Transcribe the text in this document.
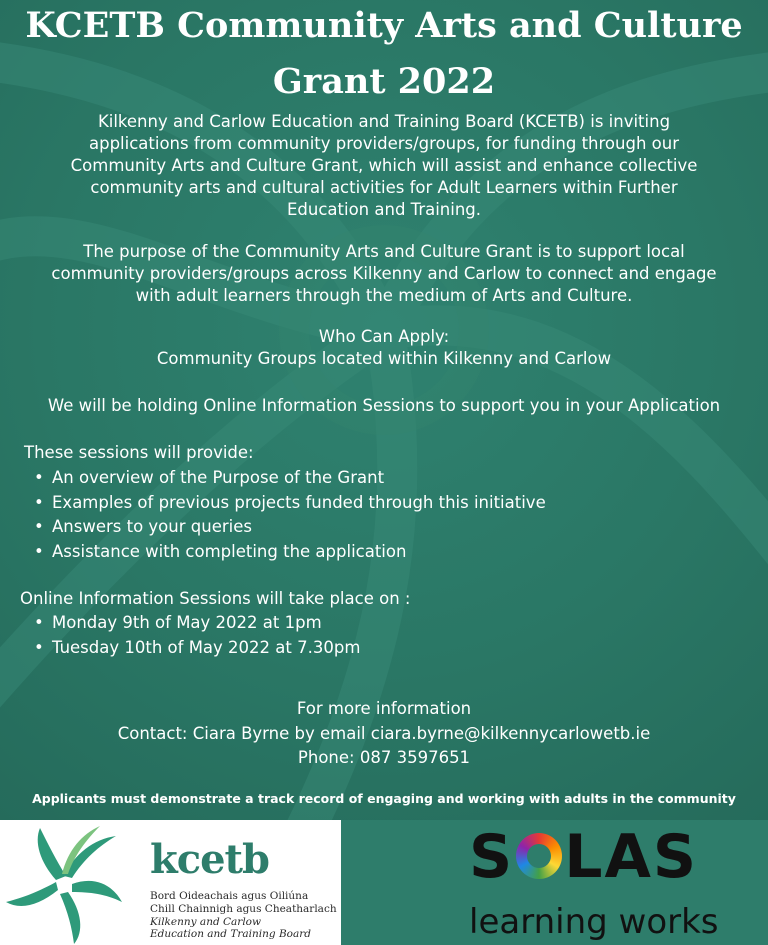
KCETB Community Arts and Culture
Grant 2022
Kilkenny and Carlow Education and Training Board (KCETB) is inviting
applications from community providers/groups, for funding through our
Community Arts and Culture Grant, which will assist and enhance collective
community arts and cultural activities for Adult Learners within Further
Education and Training.
The purpose of the Community Arts and Culture Grant is to support local
community providers/groups across Kilkenny and Carlow to connect and engage
with adult learners through the medium of Arts and Culture.
Who Can Apply:
Community Groups located within Kilkenny and Carlow
We will be holding Online Information Sessions to support you in your Application
These sessions will provide:
• An overview of the Purpose of the Grant
• Examples of previous projects funded through this initiative
• Answers to your queries
• Assistance with completing the application
Online Information Sessions will take place on :
• Monday 9th of May 2022 at 1pm
• Tuesday 10th of May 2022 at 7.30pm
For more information
Contact: Ciara Byrne by email ciara.byrne@kilkennycarlowetb.ie
Phone: 087 3597651
Applicants must demonstrate a track record of engaging and working with adults in the community
kcetb
Bord Oideachais agus Oiliúna
Chill Chainnigh agus Cheatharlach
Kilkenny and Carlow
Education and Training Board
S LAS
learning works
